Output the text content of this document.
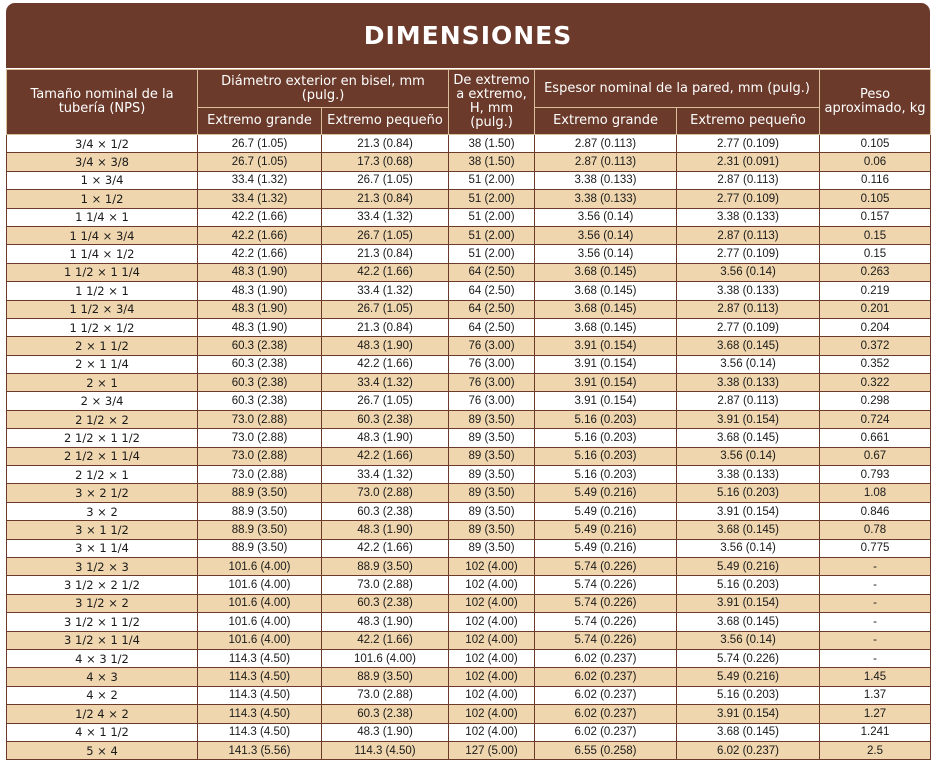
DIMENSIONES
Tamaño nominal de la tubería (NPS)	Diámetro exterior en bisel, mm (pulg.)		De extremo a extremo, H, mm (pulg.)	Espesor nominal de la pared, mm (pulg.)		Peso aproximado, kg
	Extremo grande	Extremo pequeño		Extremo grande	Extremo pequeño	
3/4 × 1/2	26.7 (1.05)	21.3 (0.84)	38 (1.50)	2.87 (0.113)	2.77 (0.109)	0.105
3/4 × 3/8	26.7 (1.05)	17.3 (0.68)	38 (1.50)	2.87 (0.113)	2.31 (0.091)	0.06
1 × 3/4	33.4 (1.32)	26.7 (1.05)	51 (2.00)	3.38 (0.133)	2.87 (0.113)	0.116
1 × 1/2	33.4 (1.32)	21.3 (0.84)	51 (2.00)	3.38 (0.133)	2.77 (0.109)	0.105
1 1/4 × 1	42.2 (1.66)	33.4 (1.32)	51 (2.00)	3.56 (0.14)	3.38 (0.133)	0.157
1 1/4 × 3/4	42.2 (1.66)	26.7 (1.05)	51 (2.00)	3.56 (0.14)	2.87 (0.113)	0.15
1 1/4 × 1/2	42.2 (1.66)	21.3 (0.84)	51 (2.00)	3.56 (0.14)	2.77 (0.109)	0.15
1 1/2 × 1 1/4	48.3 (1.90)	42.2 (1.66)	64 (2.50)	3.68 (0.145)	3.56 (0.14)	0.263
1 1/2 × 1	48.3 (1.90)	33.4 (1.32)	64 (2.50)	3.68 (0.145)	3.38 (0.133)	0.219
1 1/2 × 3/4	48.3 (1.90)	26.7 (1.05)	64 (2.50)	3.68 (0.145)	2.87 (0.113)	0.201
1 1/2 × 1/2	48.3 (1.90)	21.3 (0.84)	64 (2.50)	3.68 (0.145)	2.77 (0.109)	0.204
2 × 1 1/2	60.3 (2.38)	48.3 (1.90)	76 (3.00)	3.91 (0.154)	3.68 (0.145)	0.372
2 × 1 1/4	60.3 (2.38)	42.2 (1.66)	76 (3.00)	3.91 (0.154)	3.56 (0.14)	0.352
2 × 1	60.3 (2.38)	33.4 (1.32)	76 (3.00)	3.91 (0.154)	3.38 (0.133)	0.322
2 × 3/4	60.3 (2.38)	26.7 (1.05)	76 (3.00)	3.91 (0.154)	2.87 (0.113)	0.298
2 1/2 × 2	73.0 (2.88)	60.3 (2.38)	89 (3.50)	5.16 (0.203)	3.91 (0.154)	0.724
2 1/2 × 1 1/2	73.0 (2.88)	48.3 (1.90)	89 (3.50)	5.16 (0.203)	3.68 (0.145)	0.661
2 1/2 × 1 1/4	73.0 (2.88)	42.2 (1.66)	89 (3.50)	5.16 (0.203)	3.56 (0.14)	0.67
2 1/2 × 1	73.0 (2.88)	33.4 (1.32)	89 (3.50)	5.16 (0.203)	3.38 (0.133)	0.793
3 × 2 1/2	88.9 (3.50)	73.0 (2.88)	89 (3.50)	5.49 (0.216)	5.16 (0.203)	1.08
3 × 2	88.9 (3.50)	60.3 (2.38)	89 (3.50)	5.49 (0.216)	3.91 (0.154)	0.846
3 × 1 1/2	88.9 (3.50)	48.3 (1.90)	89 (3.50)	5.49 (0.216)	3.68 (0.145)	0.78
3 × 1 1/4	88.9 (3.50)	42.2 (1.66)	89 (3.50)	5.49 (0.216)	3.56 (0.14)	0.775
3 1/2 × 3	101.6 (4.00)	88.9 (3.50)	102 (4.00)	5.74 (0.226)	5.49 (0.216)	-
3 1/2 × 2 1/2	101.6 (4.00)	73.0 (2.88)	102 (4.00)	5.74 (0.226)	5.16 (0.203)	-
3 1/2 × 2	101.6 (4.00)	60.3 (2.38)	102 (4.00)	5.74 (0.226)	3.91 (0.154)	-
3 1/2 × 1 1/2	101.6 (4.00)	48.3 (1.90)	102 (4.00)	5.74 (0.226)	3.68 (0.145)	-
3 1/2 × 1 1/4	101.6 (4.00)	42.2 (1.66)	102 (4.00)	5.74 (0.226)	3.56 (0.14)	-
4 × 3 1/2	114.3 (4.50)	101.6 (4.00)	102 (4.00)	6.02 (0.237)	5.74 (0.226)	-
4 × 3	114.3 (4.50)	88.9 (3.50)	102 (4.00)	6.02 (0.237)	5.49 (0.216)	1.45
4 × 2	114.3 (4.50)	73.0 (2.88)	102 (4.00)	6.02 (0.237)	5.16 (0.203)	1.37
1/2 4 × 2	114.3 (4.50)	60.3 (2.38)	102 (4.00)	6.02 (0.237)	3.91 (0.154)	1.27
4 × 1 1/2	114.3 (4.50)	48.3 (1.90)	102 (4.00)	6.02 (0.237)	3.68 (0.145)	1.241
5 × 4	141.3 (5.56)	114.3 (4.50)	127 (5.00)	6.55 (0.258)	6.02 (0.237)	2.5
